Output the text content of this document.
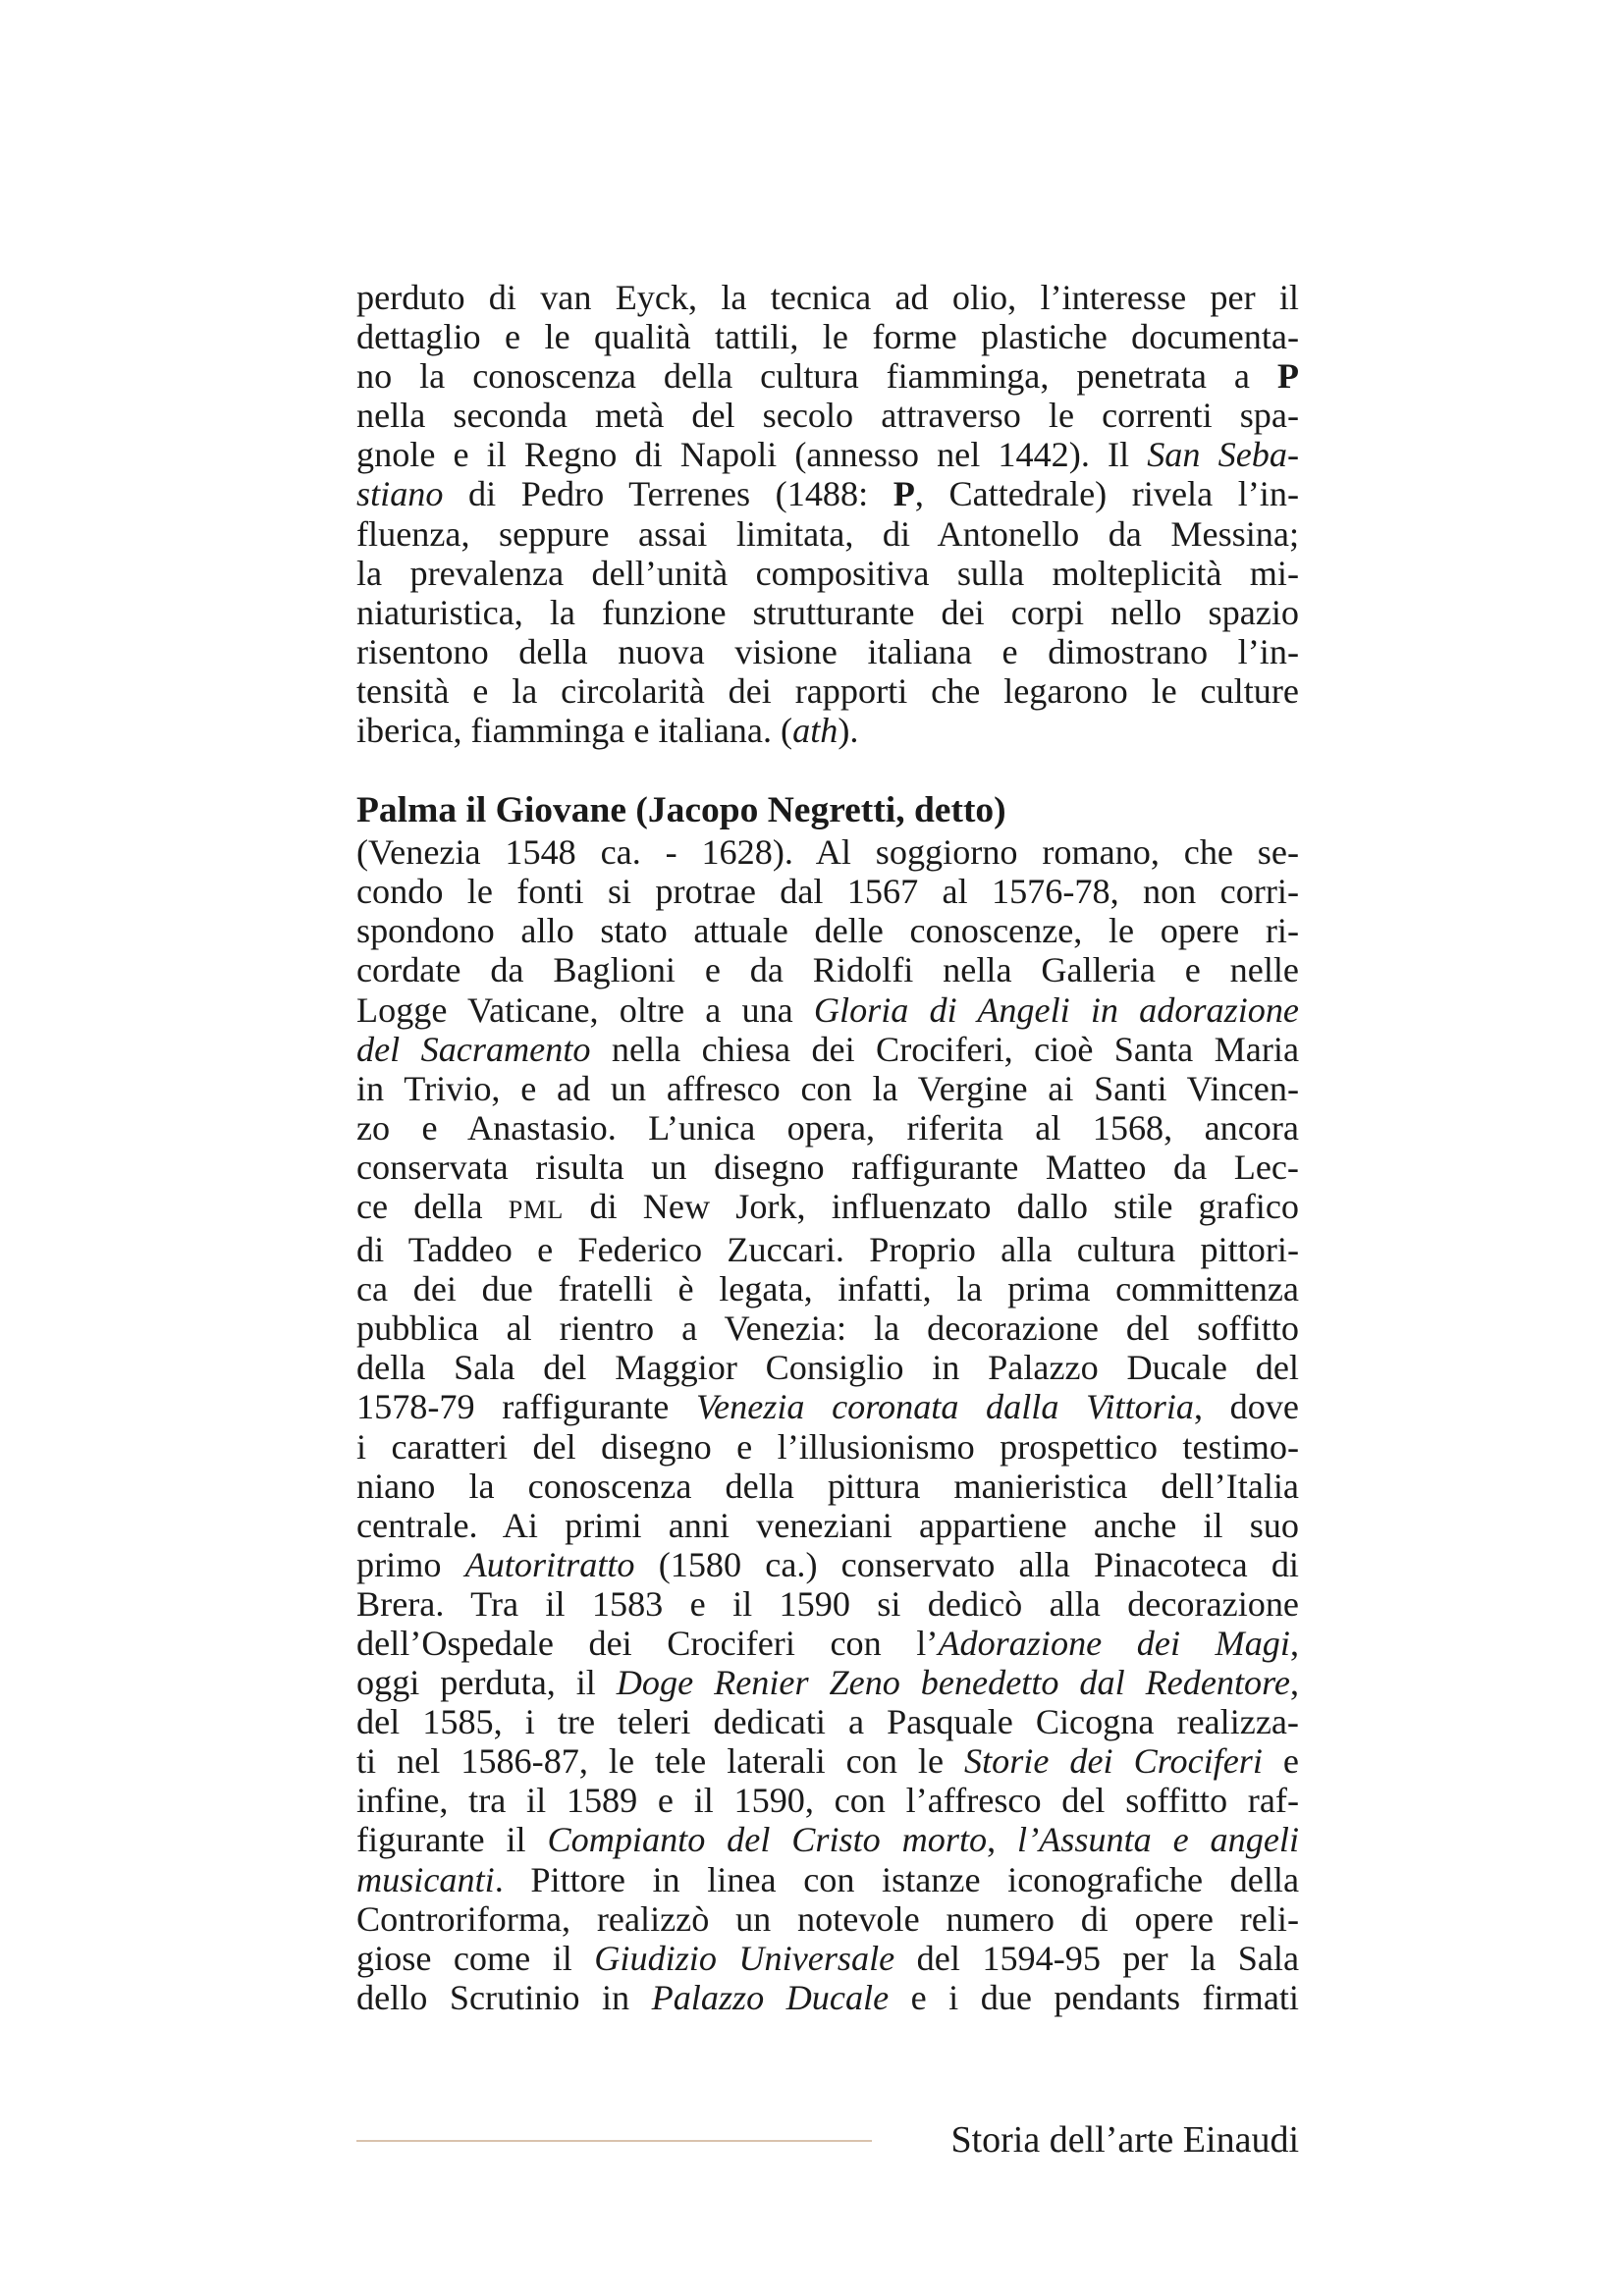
perduto di van Eyck, la tecnica ad olio, l’interesse per il
dettaglio e le qualità tattili, le forme plastiche documenta-
no la conoscenza della cultura fiamminga, penetrata a P
nella seconda metà del secolo attraverso le correnti spa-
gnole e il Regno di Napoli (annesso nel 1442). Il San Seba-
stiano di Pedro Terrenes (1488: P, Cattedrale) rivela l’in-
fluenza, seppure assai limitata, di Antonello da Messina;
la prevalenza dell’unità compositiva sulla molteplicità mi-
niaturistica, la funzione strutturante dei corpi nello spazio
risentono della nuova visione italiana e dimostrano l’in-
tensità e la circolarità dei rapporti che legarono le culture
iberica, fiamminga e italiana. (ath).

Palma il Giovane (Jacopo Negretti, detto)

(Venezia 1548 ca. - 1628). Al soggiorno romano, che se-
condo le fonti si protrae dal 1567 al 1576-78, non corri-
spondono allo stato attuale delle conoscenze, le opere ri-
cordate da Baglioni e da Ridolfi nella Galleria e nelle
Logge Vaticane, oltre a una Gloria di Angeli in adorazione
del Sacramento nella chiesa dei Crociferi, cioè Santa Maria
in Trivio, e ad un affresco con la Vergine ai Santi Vincen-
zo e Anastasio. L’unica opera, riferita al 1568, ancora
conservata risulta un disegno raffigurante Matteo da Lec-
ce della PML di New Jork, influenzato dallo stile grafico
di Taddeo e Federico Zuccari. Proprio alla cultura pittori-
ca dei due fratelli è legata, infatti, la prima committenza
pubblica al rientro a Venezia: la decorazione del soffitto
della Sala del Maggior Consiglio in Palazzo Ducale del
1578-79 raffigurante Venezia coronata dalla Vittoria, dove
i caratteri del disegno e l’illusionismo prospettico testimo-
niano la conoscenza della pittura manieristica dell’Italia
centrale. Ai primi anni veneziani appartiene anche il suo
primo Autoritratto (1580 ca.) conservato alla Pinacoteca di
Brera. Tra il 1583 e il 1590 si dedicò alla decorazione
dell’Ospedale dei Crociferi con l’Adorazione dei Magi,
oggi perduta, il Doge Renier Zeno benedetto dal Redentore,
del 1585, i tre teleri dedicati a Pasquale Cicogna realizza-
ti nel 1586-87, le tele laterali con le Storie dei Crociferi e
infine, tra il 1589 e il 1590, con l’affresco del soffitto raf-
figurante il Compianto del Cristo morto, l’Assunta e angeli
musicanti. Pittore in linea con istanze iconografiche della
Controriforma, realizzò un notevole numero di opere reli-
giose come il Giudizio Universale del 1594-95 per la Sala
dello Scrutinio in Palazzo Ducale e i due pendants firmati

Storia dell’arte Einaudi
